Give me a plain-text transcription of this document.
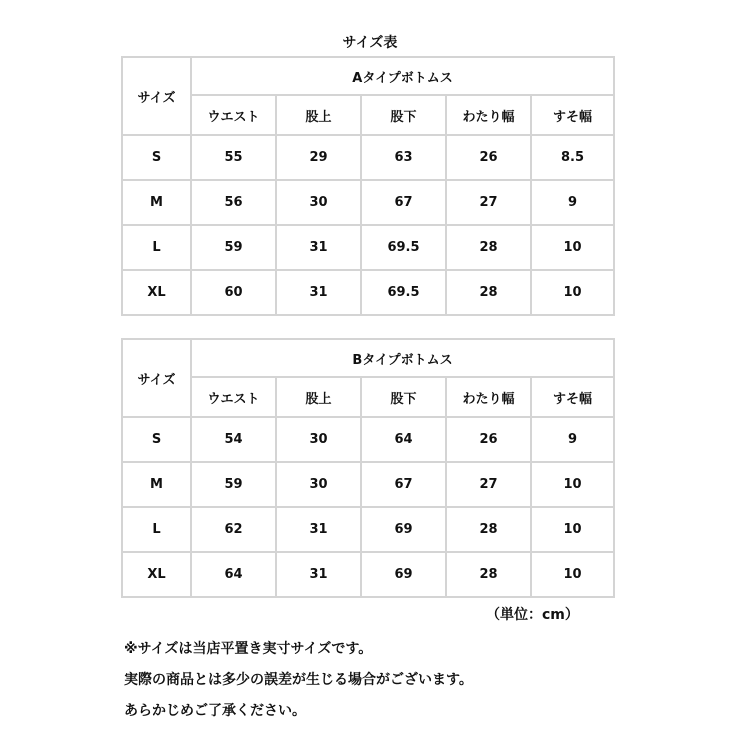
サイズ表
サイズ	Aタイプボトムス				
	ウエスト	股上	股下	わたり幅	すそ幅
S	55	29	63	26	8.5
M	56	30	67	27	9
L	59	31	69.5	28	10
XL	60	31	69.5	28	10
サイズ	Bタイプボトムス				
	ウエスト	股上	股下	わたり幅	すそ幅
S	54	30	64	26	9
M	59	30	67	27	10
L	62	31	69	28	10
XL	64	31	69	28	10
（単位：cm）
※サイズは当店平置き実寸サイズです。
実際の商品とは多少の誤差が生じる場合がございます。
あらかじめご了承ください。
